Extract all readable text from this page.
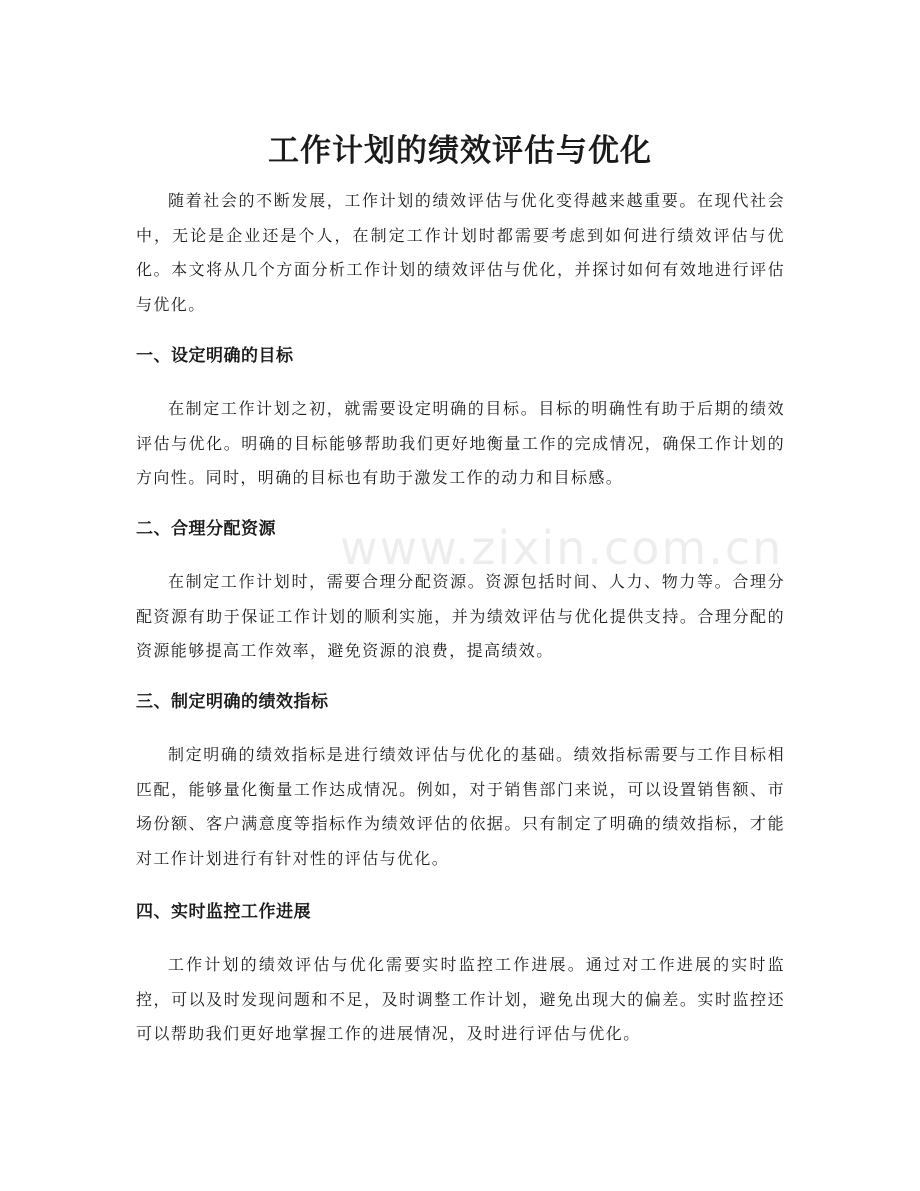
工作计划的绩效评估与优化

随着社会的不断发展，工作计划的绩效评估与优化变得越来越重要。在现代社会中，无论是企业还是个人，在制定工作计划时都需要考虑到如何进行绩效评估与优化。本文将从几个方面分析工作计划的绩效评估与优化，并探讨如何有效地进行评估与优化。

一、设定明确的目标

在制定工作计划之初，就需要设定明确的目标。目标的明确性有助于后期的绩效评估与优化。明确的目标能够帮助我们更好地衡量工作的完成情况，确保工作计划的方向性。同时，明确的目标也有助于激发工作的动力和目标感。

二、合理分配资源

在制定工作计划时，需要合理分配资源。资源包括时间、人力、物力等。合理分配资源有助于保证工作计划的顺利实施，并为绩效评估与优化提供支持。合理分配的资源能够提高工作效率，避免资源的浪费，提高绩效。

三、制定明确的绩效指标

制定明确的绩效指标是进行绩效评估与优化的基础。绩效指标需要与工作目标相匹配，能够量化衡量工作达成情况。例如，对于销售部门来说，可以设置销售额、市场份额、客户满意度等指标作为绩效评估的依据。只有制定了明确的绩效指标，才能对工作计划进行有针对性的评估与优化。

四、实时监控工作进展

工作计划的绩效评估与优化需要实时监控工作进展。通过对工作进展的实时监控，可以及时发现问题和不足，及时调整工作计划，避免出现大的偏差。实时监控还可以帮助我们更好地掌握工作的进展情况，及时进行评估与优化。

www.zixin.com.cn
